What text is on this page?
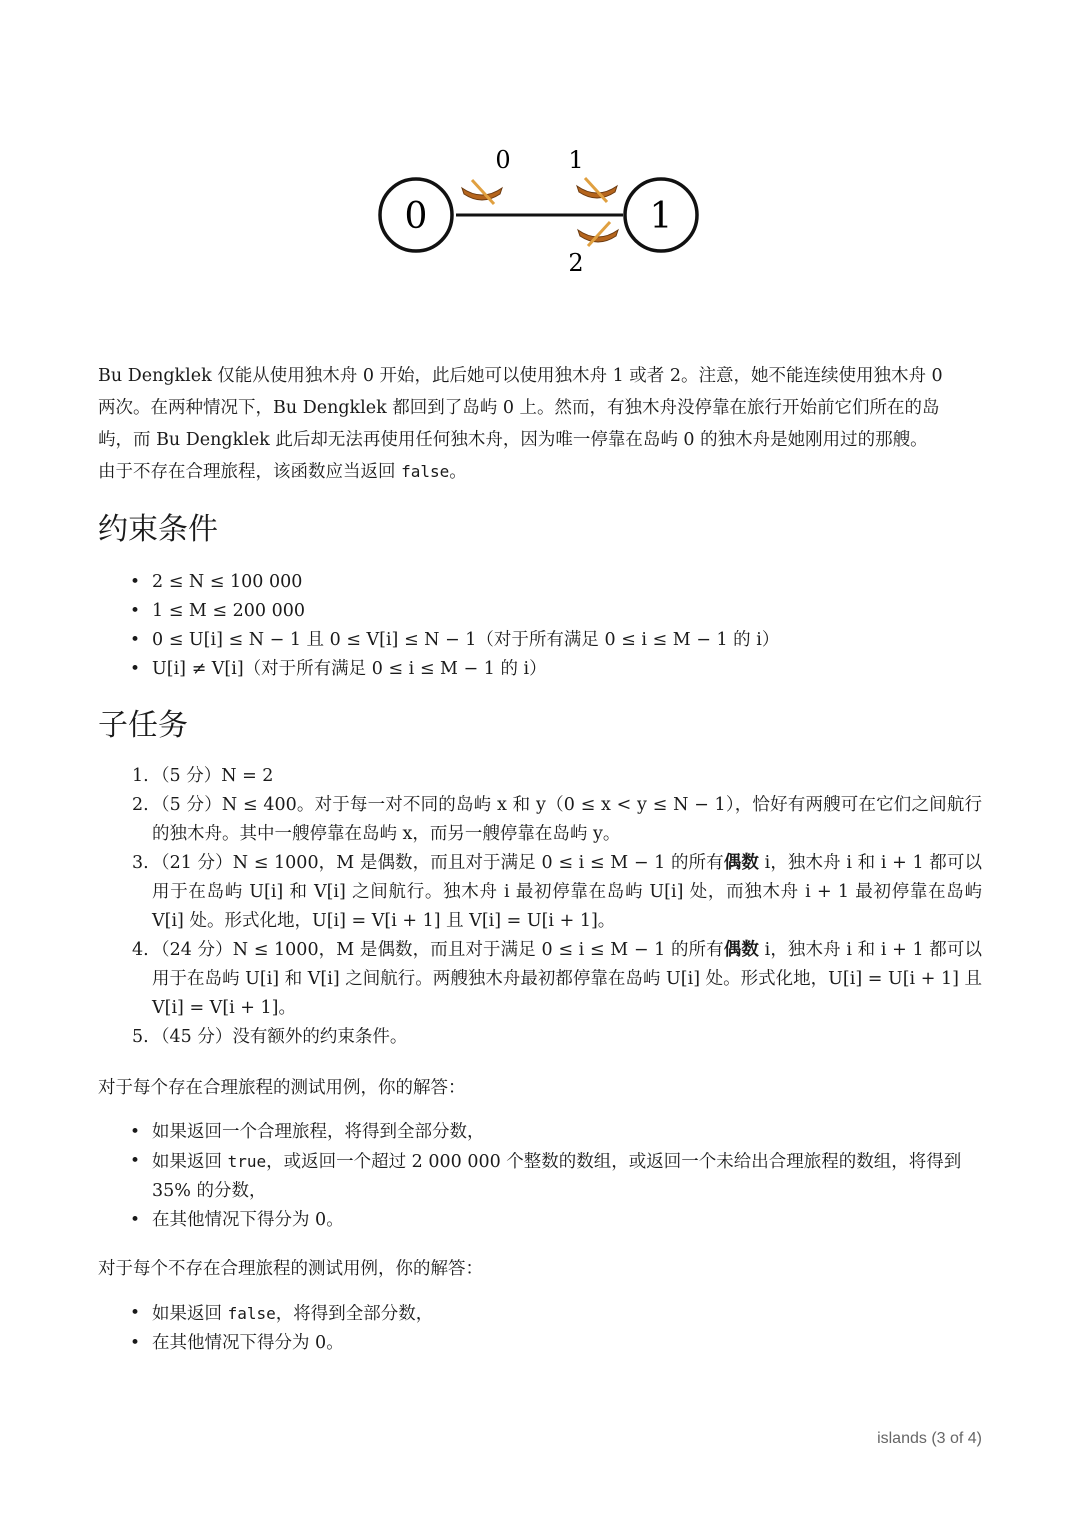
0	1
0 1
2

Bu Dengklek 仅能从使用独木舟 0 开始，此后她可以使用独木舟 1 或者 2。注意，她不能连续使用独木舟 0

两次。在两种情况下，Bu Dengklek 都回到了岛屿 0 上。然而，有独木舟没停靠在旅行开始前它们所在的岛

屿，而 Bu Dengklek 此后却无法再使用任何独木舟，因为唯一停靠在岛屿 0 的独木舟是她刚用过的那艘。

由于不存在合理旅程，该函数应当返回 false。

约束条件
• 2 ≤ N ≤ 100 000
• 1 ≤ M ≤ 200 000
• 0 ≤ U[i] ≤ N − 1 且 0 ≤ V[i] ≤ N − 1（对于所有满足 0 ≤ i ≤ M − 1 的 i）
• U[i] ≠ V[i]（对于所有满足 0 ≤ i ≤ M − 1 的 i）
子任务
1. （5 分）N = 2
2. （5 分）N ≤ 400。对于每一对不同的岛屿 x 和 y（0 ≤ x < y ≤ N − 1），恰好有两艘可在它们之间航行的独木舟。其中一艘停靠在岛屿 x，而另一艘停靠在岛屿 y。
3. （21 分）N ≤ 1000，M 是偶数，而且对于满足 0 ≤ i ≤ M − 1 的所有偶数 i，独木舟 i 和 i + 1 都可以用于在岛屿 U[i] 和 V[i] 之间航行。独木舟 i 最初停靠在岛屿 U[i] 处，而独木舟 i + 1 最初停靠在岛屿 V[i] 处。形式化地，U[i] = V[i + 1] 且 V[i] = U[i + 1]。
4. （24 分）N ≤ 1000，M 是偶数，而且对于满足 0 ≤ i ≤ M − 1 的所有偶数 i，独木舟 i 和 i + 1 都可以用于在岛屿 U[i] 和 V[i] 之间航行。两艘独木舟最初都停靠在岛屿 U[i] 处。形式化地，U[i] = U[i + 1] 且 V[i] = V[i + 1]。
5. （45 分）没有额外的约束条件。

对于每个存在合理旅程的测试用例，你的解答：

• 如果返回一个合理旅程，将得到全部分数，
• 如果返回 true，或返回一个超过 2 000 000 个整数的数组，或返回一个未给出合理旅程的数组，将得到 35% 的分数，
• 在其他情况下得分为 0。

对于每个不存在合理旅程的测试用例，你的解答：

• 如果返回 false，将得到全部分数，
• 在其他情况下得分为 0。
islands (3 of 4)
